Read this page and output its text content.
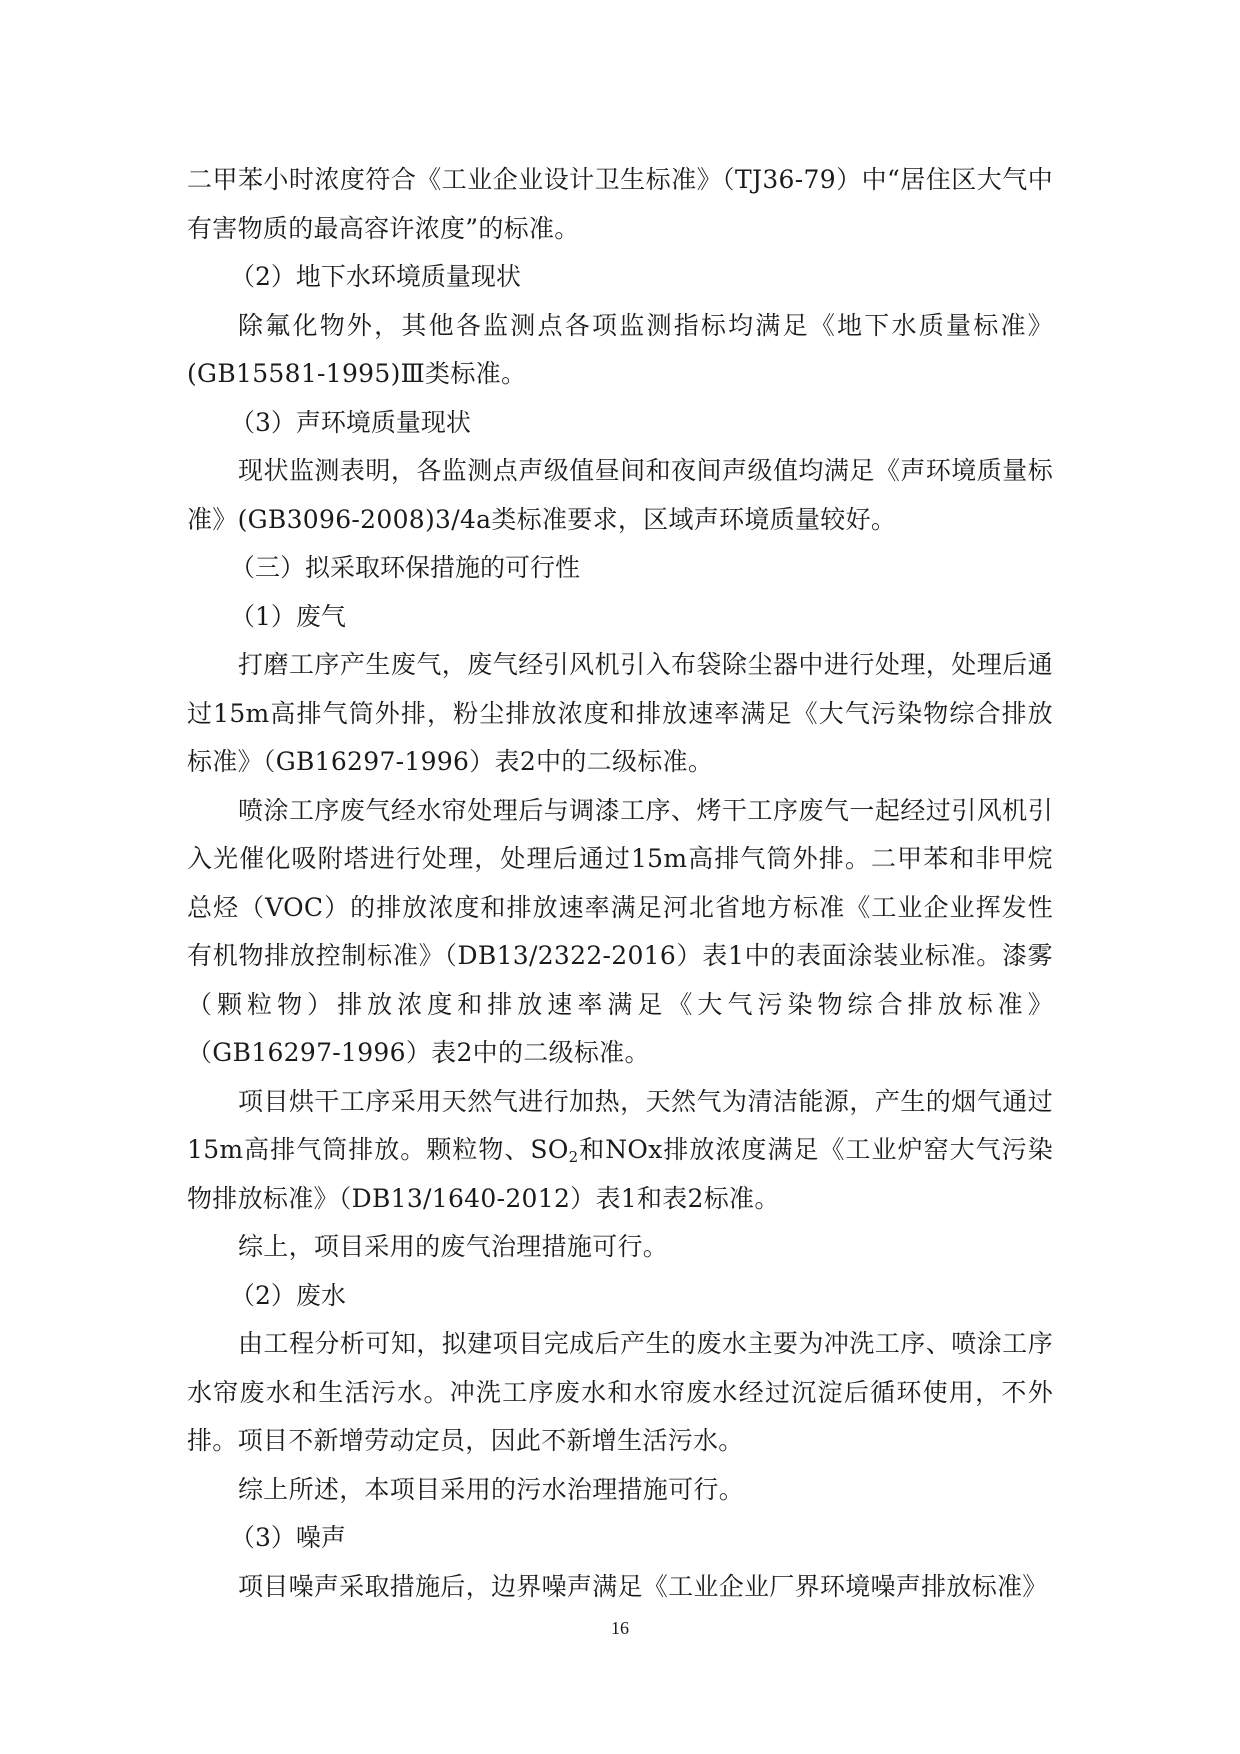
二甲苯小时浓度符合《工业企业设计卫生标准》（TJ36-79）中“居住区大气中有害物质的最高容许浓度”的标准。

（2）地下水环境质量现状

除氟化物外，其他各监测点各项监测指标均满足《地下水质量标准》(GB15581-1995)Ⅲ类标准。

（3）声环境质量现状

现状监测表明，各监测点声级值昼间和夜间声级值均满足《声环境质量标准》(GB3096-2008)3/4a类标准要求，区域声环境质量较好。

（三）拟采取环保措施的可行性

（1）废气

打磨工序产生废气，废气经引风机引入布袋除尘器中进行处理，处理后通过15m高排气筒外排，粉尘排放浓度和排放速率满足《大气污染物综合排放标准》（GB16297-1996）表2中的二级标准。

喷涂工序废气经水帘处理后与调漆工序、烤干工序废气一起经过引风机引入光催化吸附塔进行处理，处理后通过15m高排气筒外排。二甲苯和非甲烷总烃（VOC）的排放浓度和排放速率满足河北省地方标准《工业企业挥发性有机物排放控制标准》（DB13/2322-2016）表1中的表面涂装业标准。漆雾（颗粒物）排放浓度和排放速率满足《大气污染物综合排放标准》（GB16297-1996）表2中的二级标准。

项目烘干工序采用天然气进行加热，天然气为清洁能源，产生的烟气通过15m高排气筒排放。颗粒物、$SO_2$和NOx排放浓度满足《工业炉窑大气污染物排放标准》（DB13/1640-2012）表1和表2标准。

综上，项目采用的废气治理措施可行。

（2）废水

由工程分析可知，拟建项目完成后产生的废水主要为冲洗工序、喷涂工序水帘废水和生活污水。冲洗工序废水和水帘废水经过沉淀后循环使用，不外排。项目不新增劳动定员，因此不新增生活污水。

综上所述，本项目采用的污水治理措施可行。

（3）噪声

项目噪声采取措施后，边界噪声满足《工业企业厂界环境噪声排放标准》

16
